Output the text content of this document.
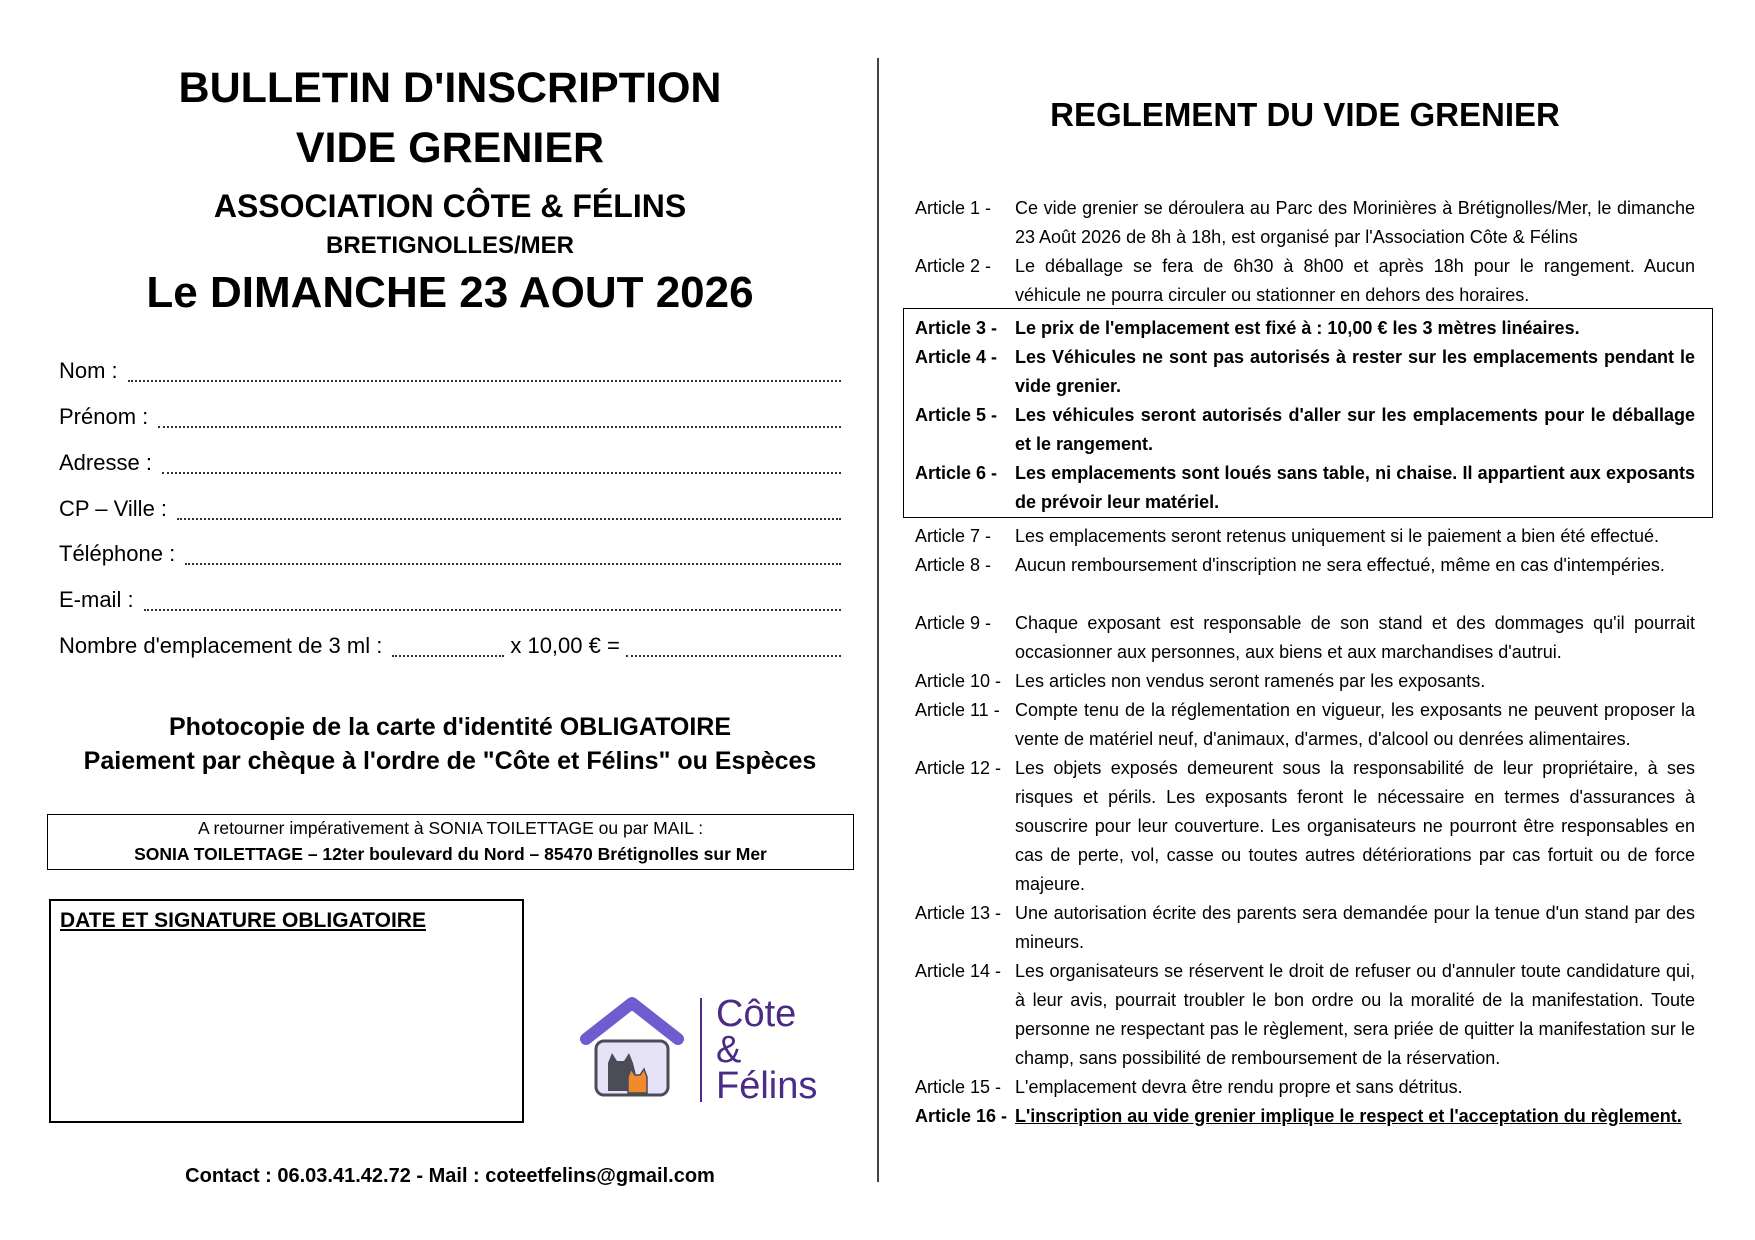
BULLETIN D'INSCRIPTION
VIDE GRENIER
ASSOCIATION CÔTE & FÉLINS
BRETIGNOLLES/MER
Le DIMANCHE 23 AOUT 2026
Nom :
Prénom :
Adresse :
CP – Ville :
Téléphone :
E-mail :
Nombre d'emplacement de 3 ml :	x 10,00 € =
Photocopie de la carte d'identité OBLIGATOIRE
Paiement par chèque à l'ordre de "Côte et Félins" ou Espèces
A retourner impérativement à SONIA TOILETTAGE ou par MAIL :
SONIA TOILETTAGE – 12ter boulevard du Nord – 85470 Brétignolles sur Mer
DATE ET SIGNATURE OBLIGATOIRE
Côte
&
Félins
Contact : 06.03.41.42.72 - Mail : coteetfelins@gmail.com
REGLEMENT DU VIDE GRENIER
Article 1 -	Ce vide grenier se déroulera au Parc des Morinières à Brétignolles/Mer, le dimanche 23 Août 2026 de 8h à 18h, est organisé par l'Association Côte & Félins
Article 2 -	Le déballage se fera de 6h30 à 8h00 et après 18h pour le rangement. Aucun véhicule ne pourra circuler ou stationner en dehors des horaires.
Article 3 - Le prix de l'emplacement est fixé à : 10,00 € les 3 mètres linéaires.
Article 4 - Les Véhicules ne sont pas autorisés à rester sur les emplacements pendant le vide grenier.
Article 5 - Les véhicules seront autorisés d'aller sur les emplacements pour le déballage et le rangement.
Article 6 - Les emplacements sont loués sans table, ni chaise. Il appartient aux exposants de prévoir leur matériel.
Article 7 -	Les emplacements seront retenus uniquement si le paiement a bien été effectué.
Article 8 -	Aucun remboursement d'inscription ne sera effectué, même en cas d'intempéries.
Article 9 -	Chaque exposant est responsable de son stand et des dommages qu'il pourrait occasionner aux personnes, aux biens et aux marchandises d'autrui.
Article 10 - Les articles non vendus seront ramenés par les exposants.
Article 11 - Compte tenu de la réglementation en vigueur, les exposants ne peuvent proposer la vente de matériel neuf, d'animaux, d'armes, d'alcool ou denrées alimentaires.
Article 12 - Les objets exposés demeurent sous la responsabilité de leur propriétaire, à ses risques et périls. Les exposants feront le nécessaire en termes d'assurances à souscrire pour leur couverture. Les organisateurs ne pourront être responsables en cas de perte, vol, casse ou toutes autres détériorations par cas fortuit ou de force majeure.
Article 13 - Une autorisation écrite des parents sera demandée pour la tenue d'un stand par des mineurs.
Article 14 - Les organisateurs se réservent le droit de refuser ou d'annuler toute candidature qui, à leur avis, pourrait troubler le bon ordre ou la moralité de la manifestation. Toute personne ne respectant pas le règlement, sera priée de quitter la manifestation sur le champ, sans possibilité de remboursement de la réservation.
Article 15 - L'emplacement devra être rendu propre et sans détritus.
Article 16 - L'inscription au vide grenier implique le respect et l'acceptation du règlement.
